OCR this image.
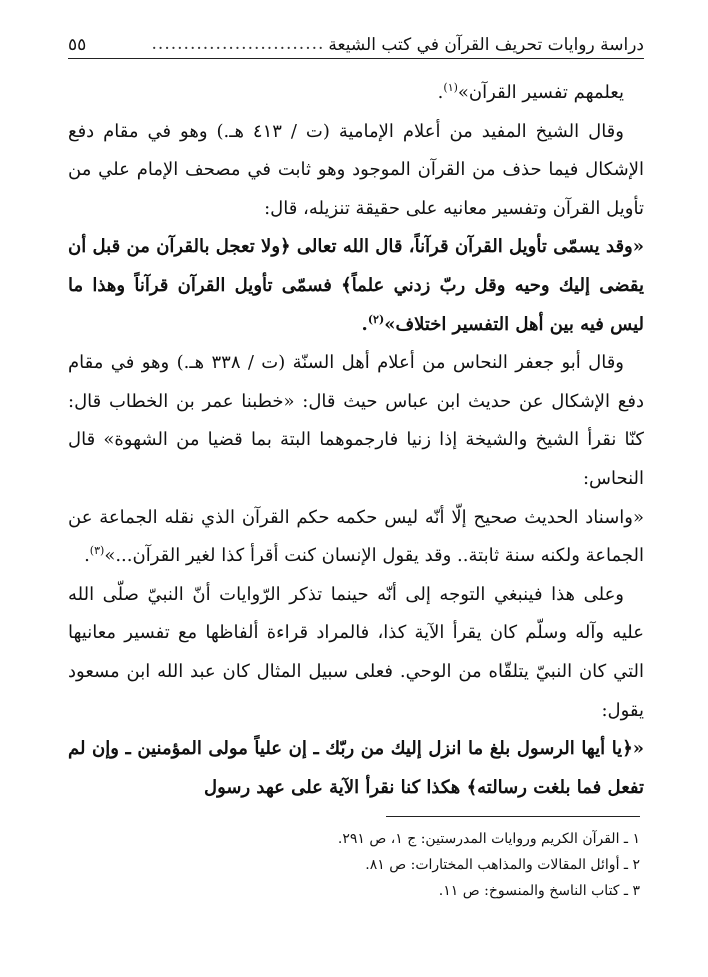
دراسة روايات تحريف القرآن في كتب الشيعة
...........................
٥٥

يعلمهم تفسير القرآن»$^{(١)}$.

وقال الشيخ المفيد من أعلام الإمامية (ت / ٤١٣ هـ.) وهو في مقام دفع الإشكال فيما حذف من القرآن الموجود وهو ثابت في مصحف الإمام علي من تأويل القرآن وتفسير معانيه على حقيقة تنزيله، قال:

«وقد يسمّى تأويل القرآن قرآناً، قال الله تعالى ﴿ولا تعجل بالقرآن من قبل أن يقضى إليك وحيه وقل ربّ زدني علماً﴾ فسمّى تأويل القرآن قرآناً وهذا ما ليس فيه بين أهل التفسير اختلاف»$^{(٢)}$.

وقال أبو جعفر النحاس من أعلام أهل السنّة (ت / ٣٣٨ هـ.) وهو في مقام دفع الإشكال عن حديث ابن عباس حيث قال: «خطبنا عمر بن الخطاب قال: كنّا نقرأ الشيخ والشيخة إذا زنيا فارجموهما البتة بما قضيا من الشهوة» قال النحاس:

«واسناد الحديث صحيح إلّا أنّه ليس حكمه حكم القرآن الذي نقله الجماعة عن الجماعة ولكنه سنة ثابتة.. وقد يقول الإنسان كنت أقرأ كذا لغير القرآن...»$^{(٣)}$.

وعلى هذا فينبغي التوجه إلى أنّه حينما تذكر الرّوايات أنّ النبيّ صلّى الله عليه وآله وسلّم كان يقرأ الآية كذا، فالمراد قراءة ألفاظها مع تفسير معانيها التي كان النبيّ يتلقّاه من الوحي. فعلى سبيل المثال كان عبد الله ابن مسعود يقول:

«﴿يا أيها الرسول بلغ ما انزل إليك من ربّك ـ إن علياً مولى المؤمنين ـ وإن لم تفعل فما بلغت رسالته﴾ هكذا كنا نقرأ الآية على عهد رسول

١ ـ القرآن الكريم وروايات المدرستين: ج ١، ص ٢٩١.
٢ ـ أوائل المقالات والمذاهب المختارات: ص ٨١.
٣ ـ كتاب الناسخ والمنسوخ: ص ١١.
